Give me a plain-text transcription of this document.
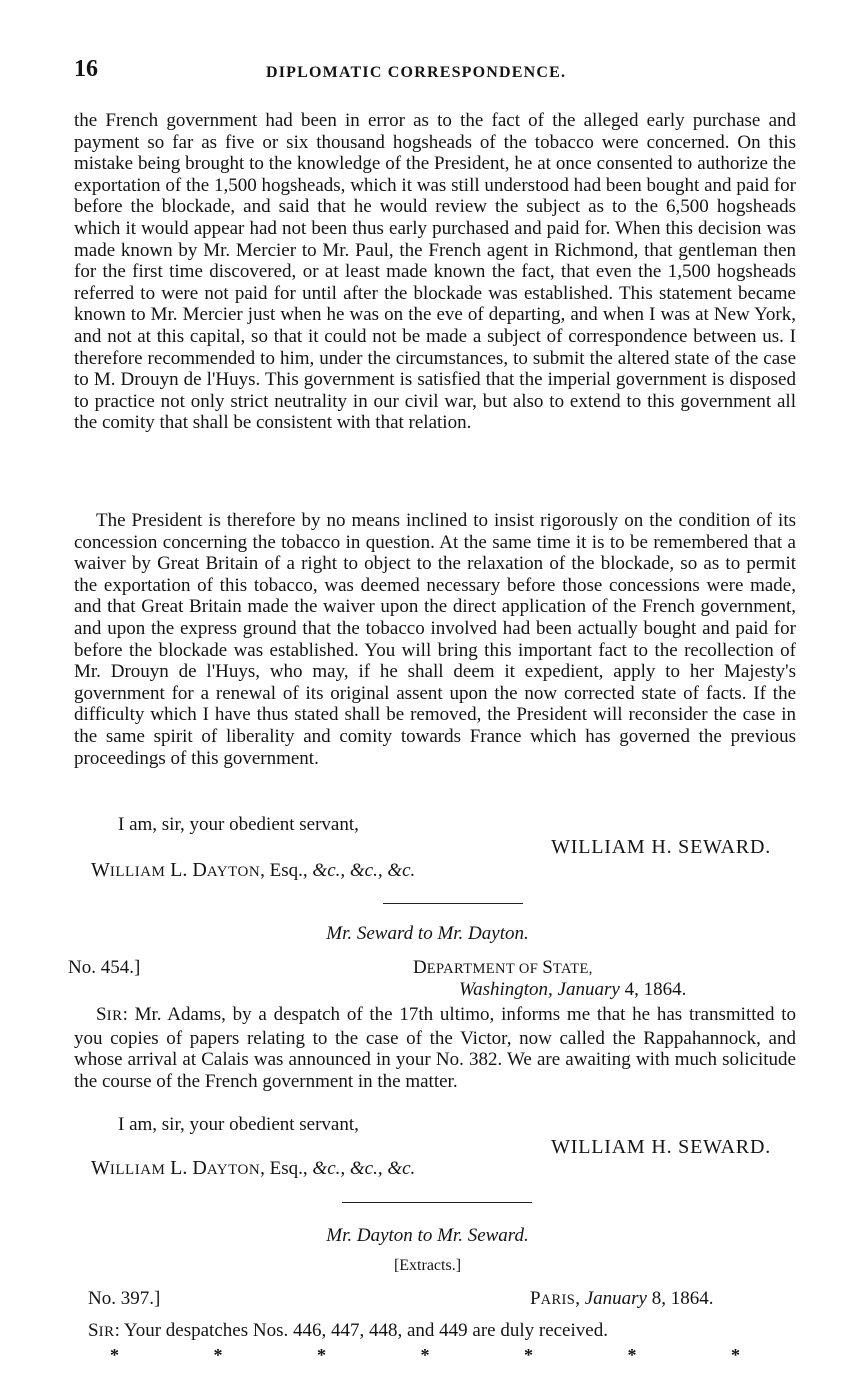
16	DIPLOMATIC CORRESPONDENCE.
the French government had been in error as to the fact of the alleged early purchase and payment so far as five or six thousand hogsheads of the tobacco were concerned. On this mistake being brought to the knowledge of the President, he at once consented to authorize the exportation of the 1,500 hogsheads, which it was still understood had been bought and paid for before the blockade, and said that he would review the subject as to the 6,500 hogsheads which it would appear had not been thus early purchased and paid for. When this decision was made known by Mr. Mercier to Mr. Paul, the French agent in Richmond, that gentleman then for the first time discovered, or at least made known the fact, that even the 1,500 hogsheads referred to were not paid for until after the blockade was established. This statement became known to Mr. Mercier just when he was on the eve of departing, and when I was at New York, and not at this capital, so that it could not be made a subject of correspondence between us. I therefore recommended to him, under the circumstances, to submit the altered state of the case to M. Drouyn de l'Huys. This government is satisfied that the imperial government is disposed to practice not only strict neutrality in our civil war, but also to extend to this government all the comity that shall be consistent with that relation.
The President is therefore by no means inclined to insist rigorously on the condition of its concession concerning the tobacco in question. At the same time it is to be remembered that a waiver by Great Britain of a right to object to the relaxation of the blockade, so as to permit the exportation of this tobacco, was deemed necessary before those concessions were made, and that Great Britain made the waiver upon the direct application of the French government, and upon the express ground that the tobacco involved had been actually bought and paid for before the blockade was established. You will bring this important fact to the recollection of Mr. Drouyn de l'Huys, who may, if he shall deem it expedient, apply to her Majesty's government for a renewal of its original assent upon the now corrected state of facts. If the difficulty which I have thus stated shall be removed, the President will reconsider the case in the same spirit of liberality and comity towards France which has governed the previous proceedings of this government.
I am, sir, your obedient servant,
WILLIAM H. SEWARD.
WILLIAM L. DAYTON, Esq., &c., &c., &c.
Mr. Seward to Mr. Dayton.
No. 454.]	DEPARTMENT OF STATE,
Washington, January 4, 1864.
SIR: Mr. Adams, by a despatch of the 17th ultimo, informs me that he has transmitted to you copies of papers relating to the case of the Victor, now called the Rappahannock, and whose arrival at Calais was announced in your No. 382. We are awaiting with much solicitude the course of the French government in the matter.
I am, sir, your obedient servant,
WILLIAM H. SEWARD.
WILLIAM L. DAYTON, Esq., &c., &c., &c.
Mr. Dayton to Mr. Seward.
[Extracts.]
No. 397.]	PARIS, January 8, 1864.
SIR: Your despatches Nos. 446, 447, 448, and 449 are duly received.
*	*	*	*	*	*	*
